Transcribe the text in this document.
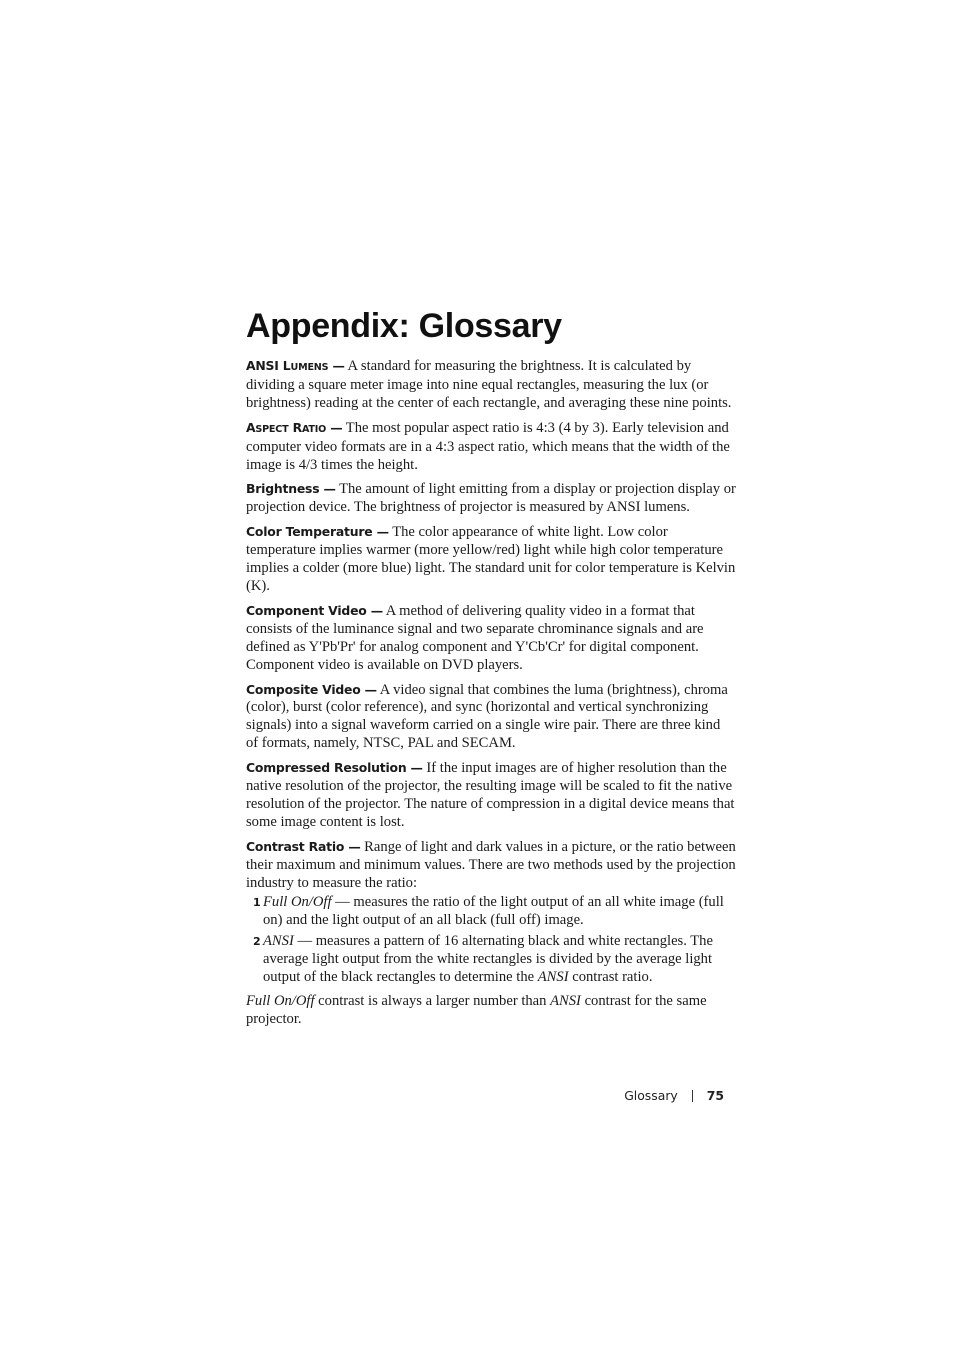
Appendix: Glossary

ANSI LUMENS — A standard for measuring the brightness. It is calculated by dividing a square meter image into nine equal rectangles, measuring the lux (or brightness) reading at the center of each rectangle, and averaging these nine points.

ASPECT RATIO — The most popular aspect ratio is 4:3 (4 by 3). Early television and computer video formats are in a 4:3 aspect ratio, which means that the width of the image is 4/3 times the height.

Brightness — The amount of light emitting from a display or projection display or projection device. The brightness of projector is measured by ANSI lumens.

Color Temperature — The color appearance of white light. Low color temperature implies warmer (more yellow/red) light while high color temperature implies a colder (more blue) light. The standard unit for color temperature is Kelvin (K).

Component Video — A method of delivering quality video in a format that consists of the luminance signal and two separate chrominance signals and are defined as Y'Pb'Pr' for analog component and Y'Cb'Cr' for digital component. Component video is available on DVD players.

Composite Video — A video signal that combines the luma (brightness), chroma (color), burst (color reference), and sync (horizontal and vertical synchronizing signals) into a signal waveform carried on a single wire pair. There are three kind of formats, namely, NTSC, PAL and SECAM.

Compressed Resolution — If the input images are of higher resolution than the native resolution of the projector, the resulting image will be scaled to fit the native resolution of the projector. The nature of compression in a digital device means that some image content is lost.

Contrast Ratio — Range of light and dark values in a picture, or the ratio between their maximum and minimum values. There are two methods used by the projection industry to measure the ratio:

1 Full On/Off — measures the ratio of the light output of an all white image (full on) and the light output of an all black (full off) image.
2 ANSI — measures a pattern of 16 alternating black and white rectangles. The average light output from the white rectangles is divided by the average light output of the black rectangles to determine the ANSI contrast ratio.

Full On/Off contrast is always a larger number than ANSI contrast for the same projector.

Glossary 75
